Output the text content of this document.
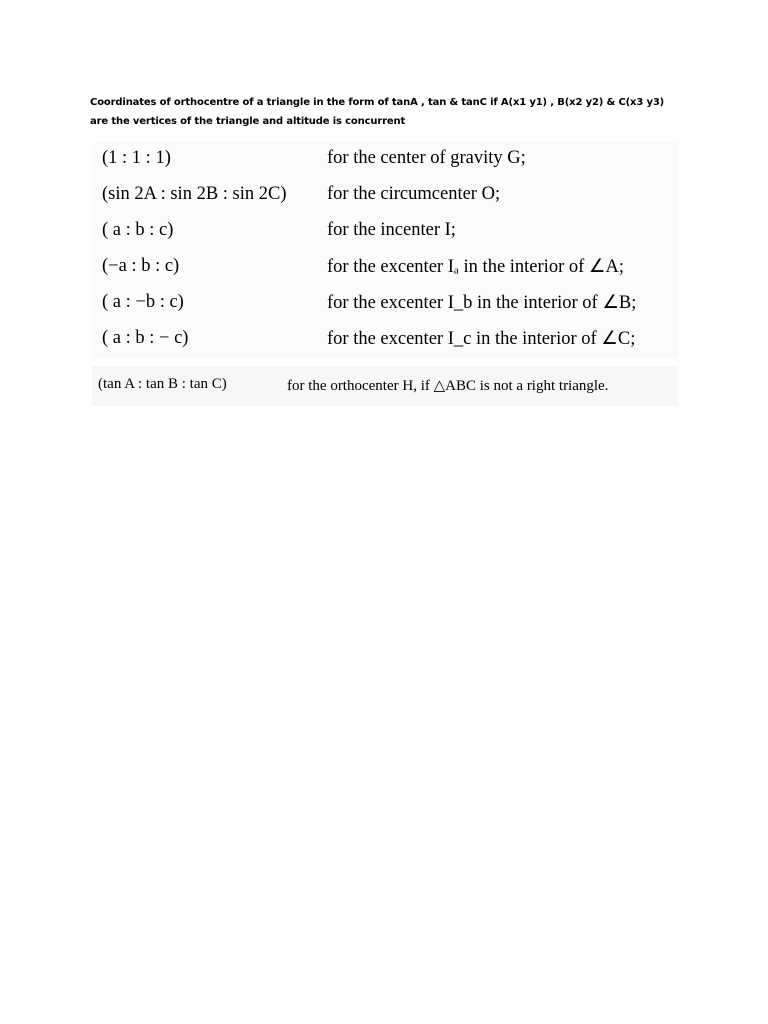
Coordinates of orthocentre of a triangle in the form of tanA , tan & tanC if A(x1 y1) , B(x2 y2) & C(x3 y3)
are the vertices of the triangle and altitude is concurrent
(1 : 1 : 1)	for the center of gravity G;
(sin 2A : sin 2B : sin 2C) for the circumcenter O;
( a : b : c)	for the incenter I;
(−a : b : c)	for the excenter Iₐ in the interior of ∠A;
( a : −b : c)	for the excenter I_b in the interior of ∠B;
( a : b : − c)	for the excenter I_c in the interior of ∠C;
(tan A : tan B : tan C)	for the orthocenter H, if △ABC is not a right triangle.
